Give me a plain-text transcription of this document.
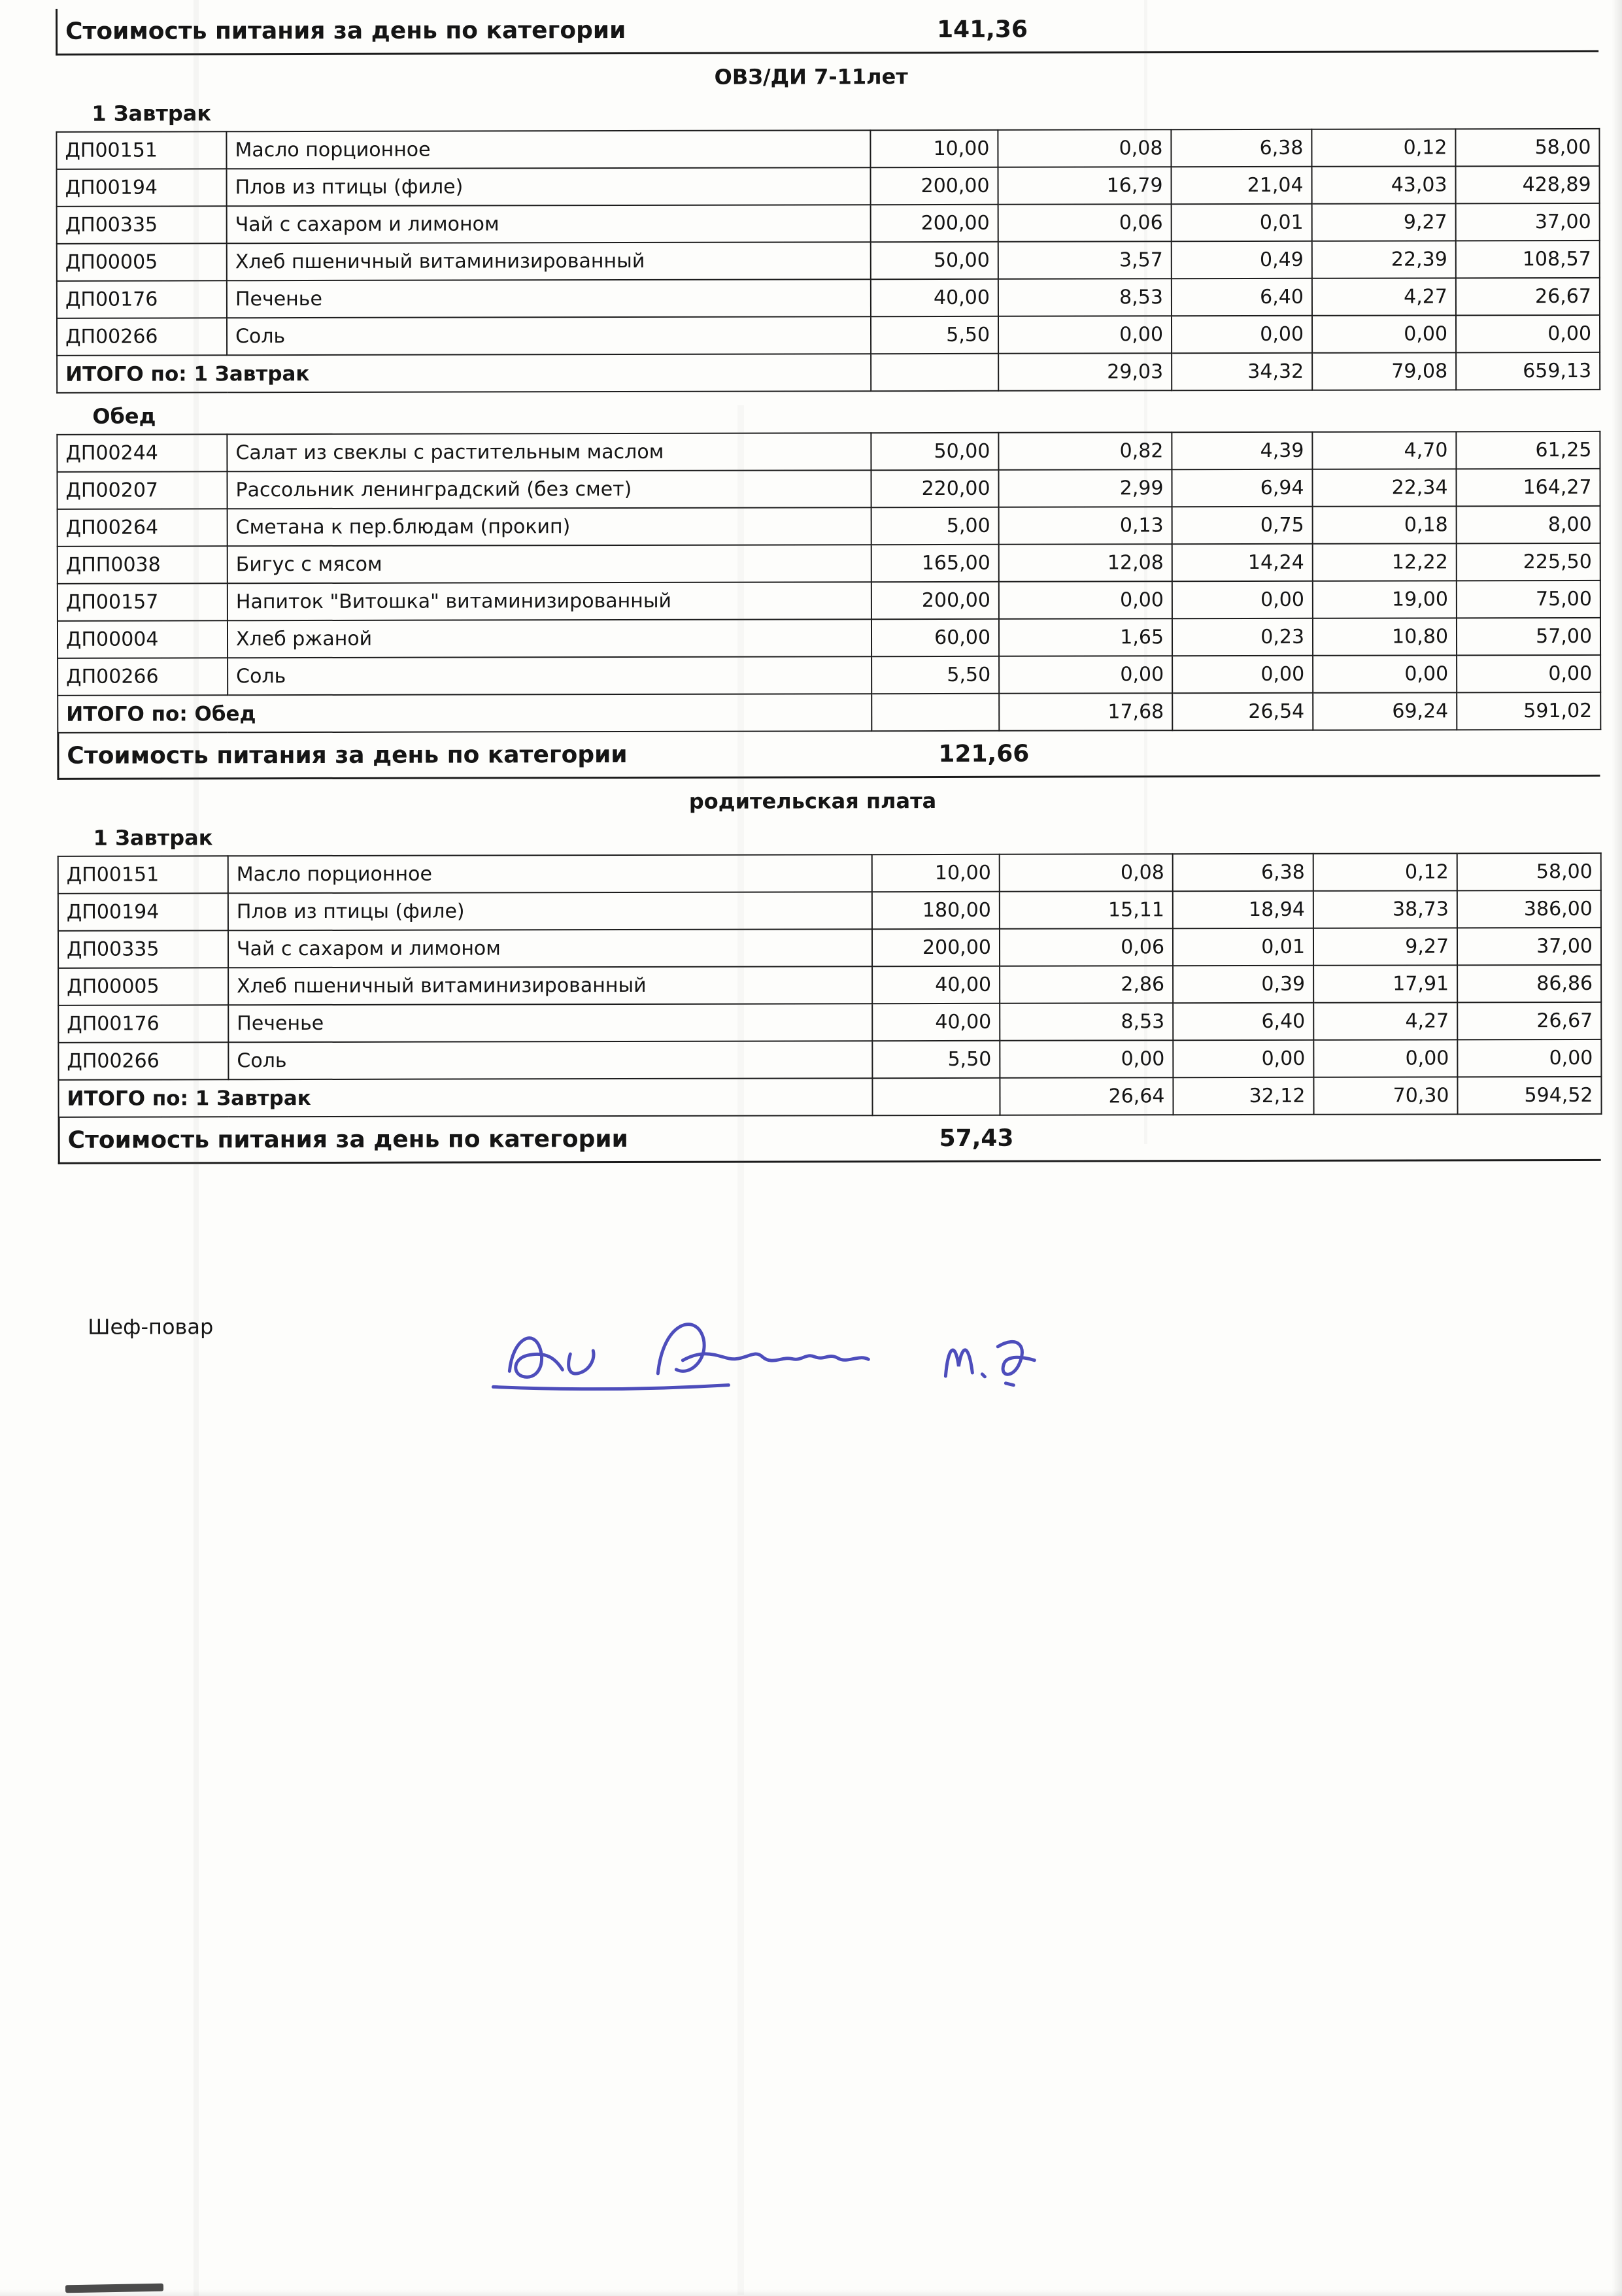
Стоимость питания за день по категории	141,36
ОВЗ/ДИ 7-11лет
1 Завтрак
ДП00151	Масло порционное	10,00	0,08	6,38	0,12	58,00
ДП00194	Плов из птицы (филе)	200,00	16,79	21,04	43,03	428,89
ДП00335	Чай с сахаром и лимоном	200,00	0,06	0,01	9,27	37,00
ДП00005	Хлеб пшеничный витаминизированный	50,00	3,57	0,49	22,39	108,57
ДП00176	Печенье	40,00	8,53	6,40	4,27	26,67
ДП00266	Соль	5,50	0,00	0,00	0,00	0,00
ИТОГО по: 1 Завтрак			29,03	34,32	79,08	659,13
Обед
ДП00244	Салат из свеклы с растительным маслом	50,00	0,82	4,39	4,70	61,25
ДП00207	Рассольник ленинградский (без смет)	220,00	2,99	6,94	22,34	164,27
ДП00264	Сметана к пер.блюдам (прокип)	5,00	0,13	0,75	0,18	8,00
ДПП0038	Бигус с мясом	165,00	12,08	14,24	12,22	225,50
ДП00157	Напиток "Витошка" витаминизированный	200,00	0,00	0,00	19,00	75,00
ДП00004	Хлеб ржаной	60,00	1,65	0,23	10,80	57,00
ДП00266	Соль	5,50	0,00	0,00	0,00	0,00
ИТОГО по: Обед			17,68	26,54	69,24	591,02
Стоимость питания за день по категории	121,66
родительская плата
1 Завтрак
ДП00151	Масло порционное	10,00	0,08	6,38	0,12	58,00
ДП00194	Плов из птицы (филе)	180,00	15,11	18,94	38,73	386,00
ДП00335	Чай с сахаром и лимоном	200,00	0,06	0,01	9,27	37,00
ДП00005	Хлеб пшеничный витаминизированный	40,00	2,86	0,39	17,91	86,86
ДП00176	Печенье	40,00	8,53	6,40	4,27	26,67
ДП00266	Соль	5,50	0,00	0,00	0,00	0,00
ИТОГО по: 1 Завтрак			26,64	32,12	70,30	594,52
Стоимость питания за день по категории	57,43
Шеф-повар
